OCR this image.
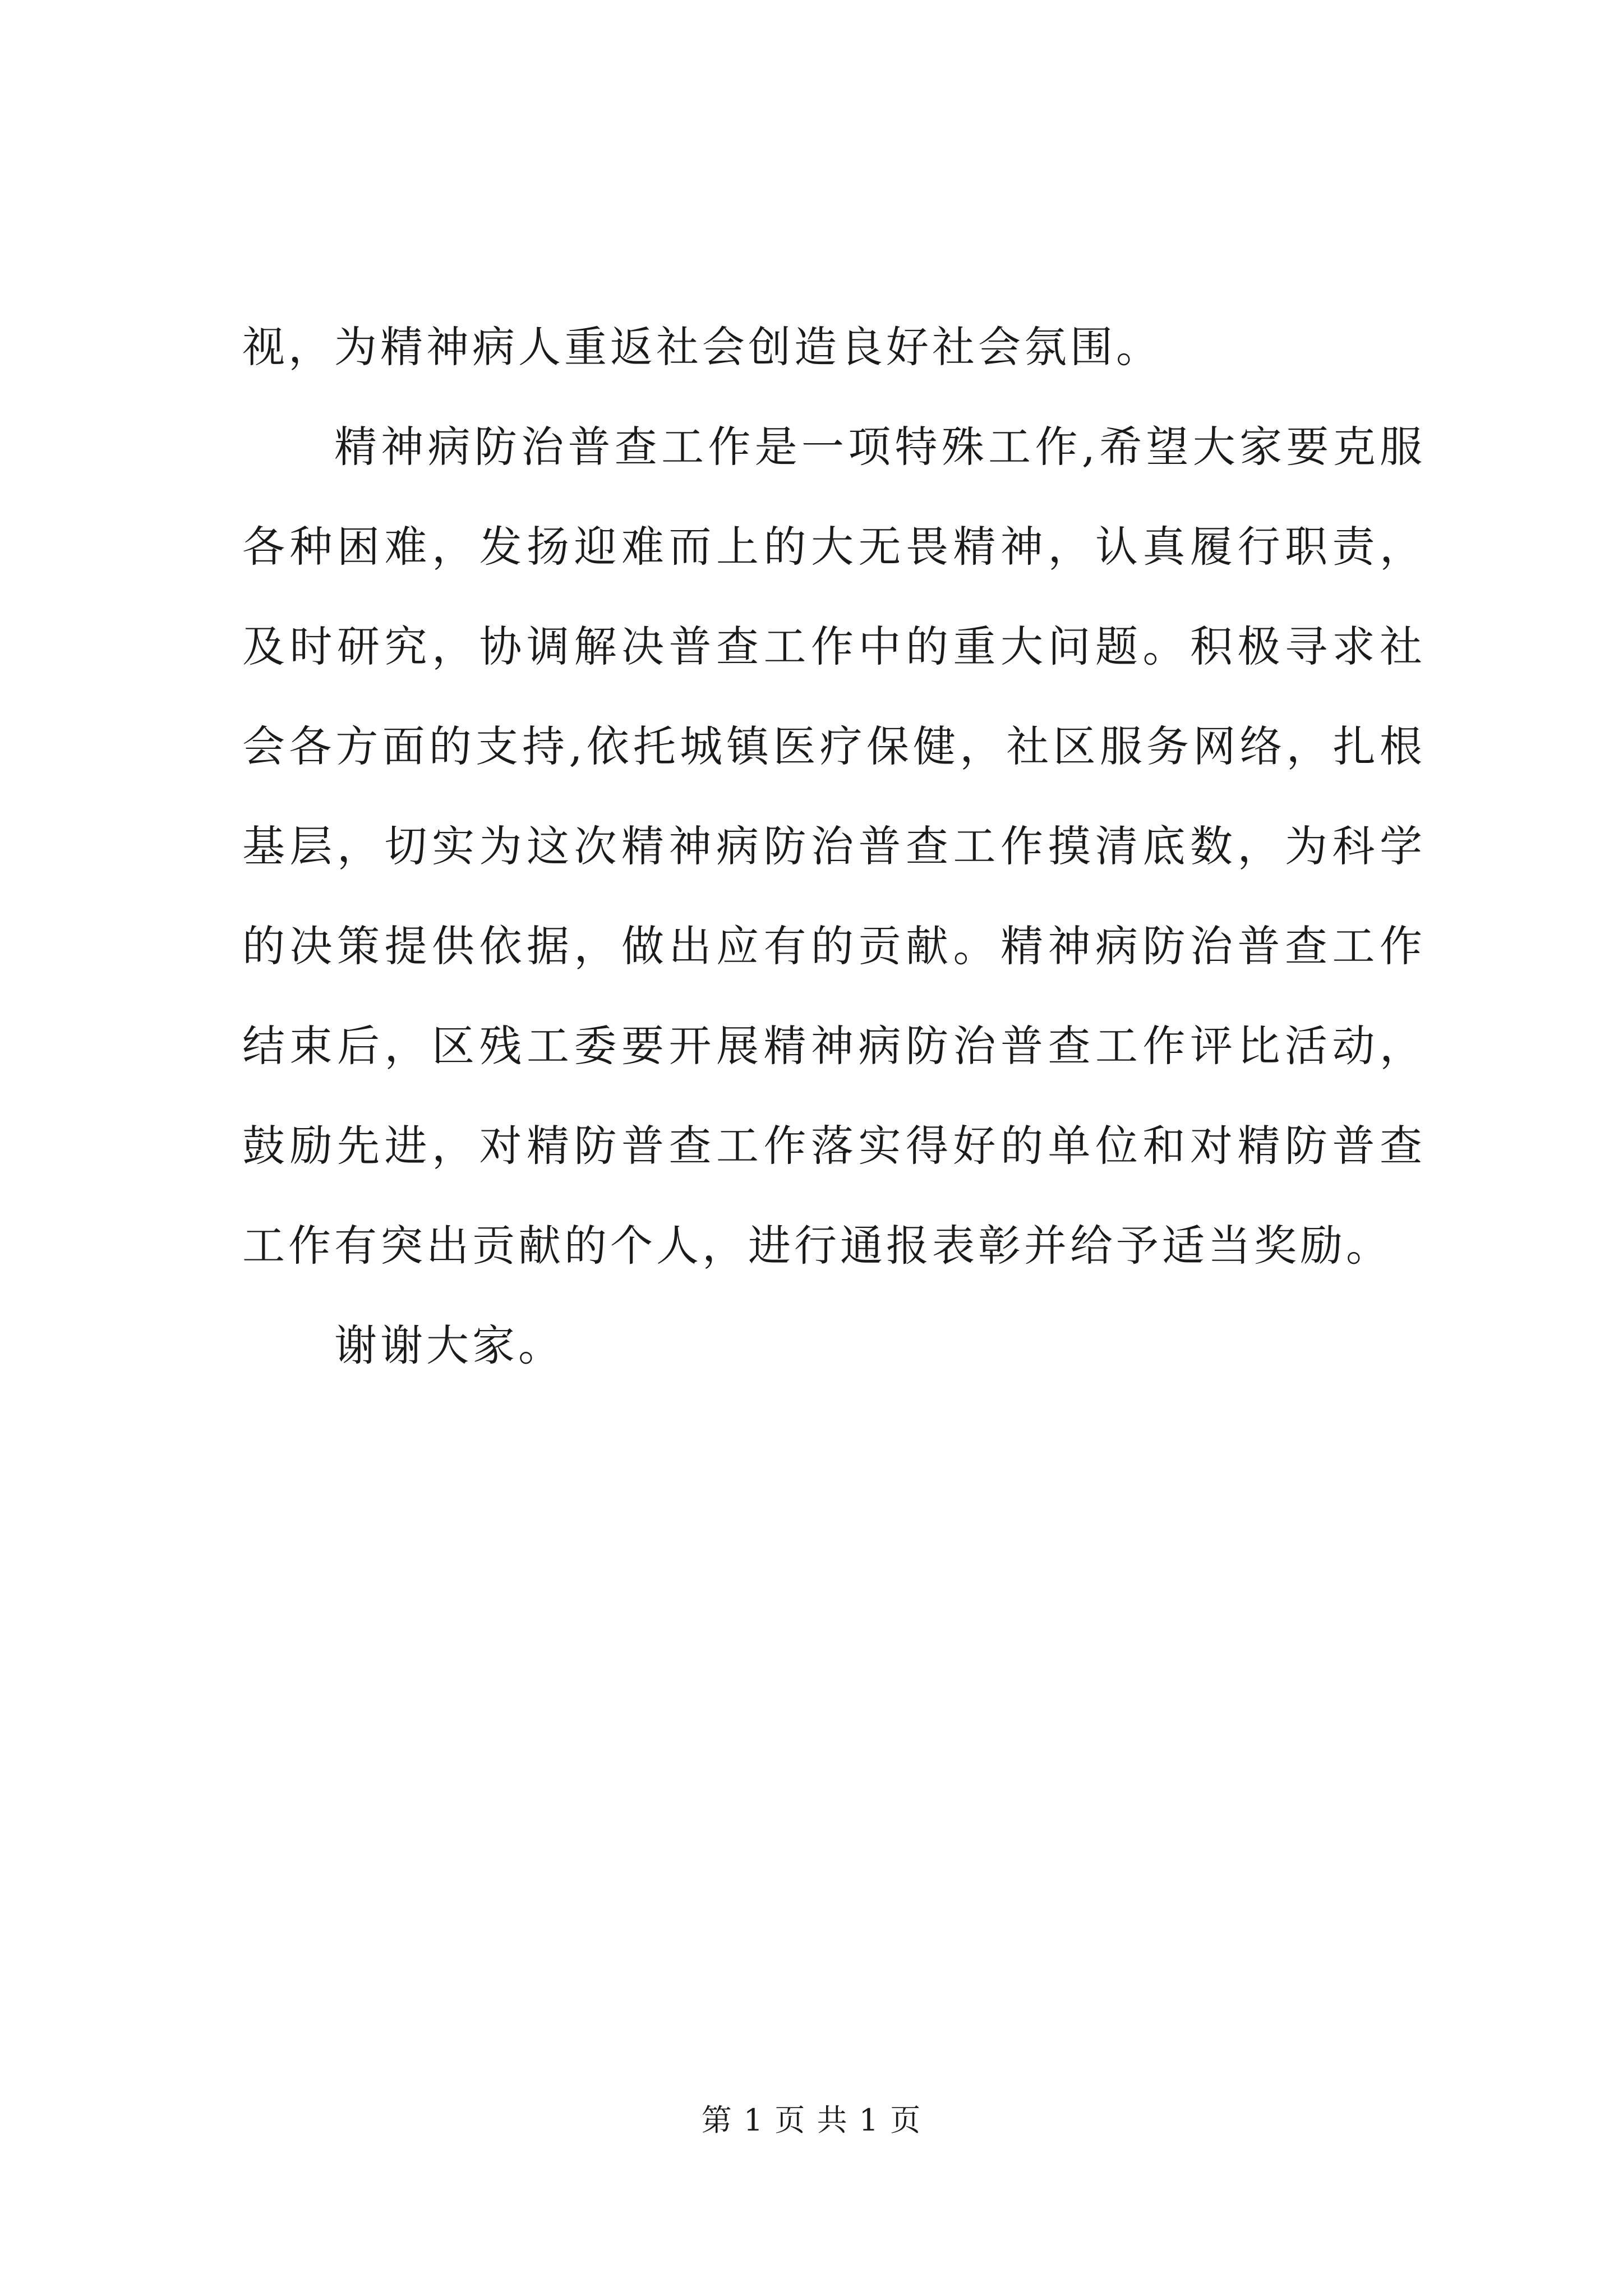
视，为精神病人重返社会创造良好社会氛围。

精神病防治普查工作是一项特殊工作,希望大家要克服各种困难，发扬迎难而上的大无畏精神，认真履行职责，及时研究，协调解决普查工作中的重大问题。积极寻求社会各方面的支持,依托城镇医疗保健，社区服务网络，扎根基层，切实为这次精神病防治普查工作摸清底数，为科学的决策提供依据，做出应有的贡献。精神病防治普查工作结束后，区残工委要开展精神病防治普查工作评比活动，鼓励先进，对精防普查工作落实得好的单位和对精防普查工作有突出贡献的个人，进行通报表彰并给予适当奖励。

谢谢大家。

第 1 页 共 1 页
